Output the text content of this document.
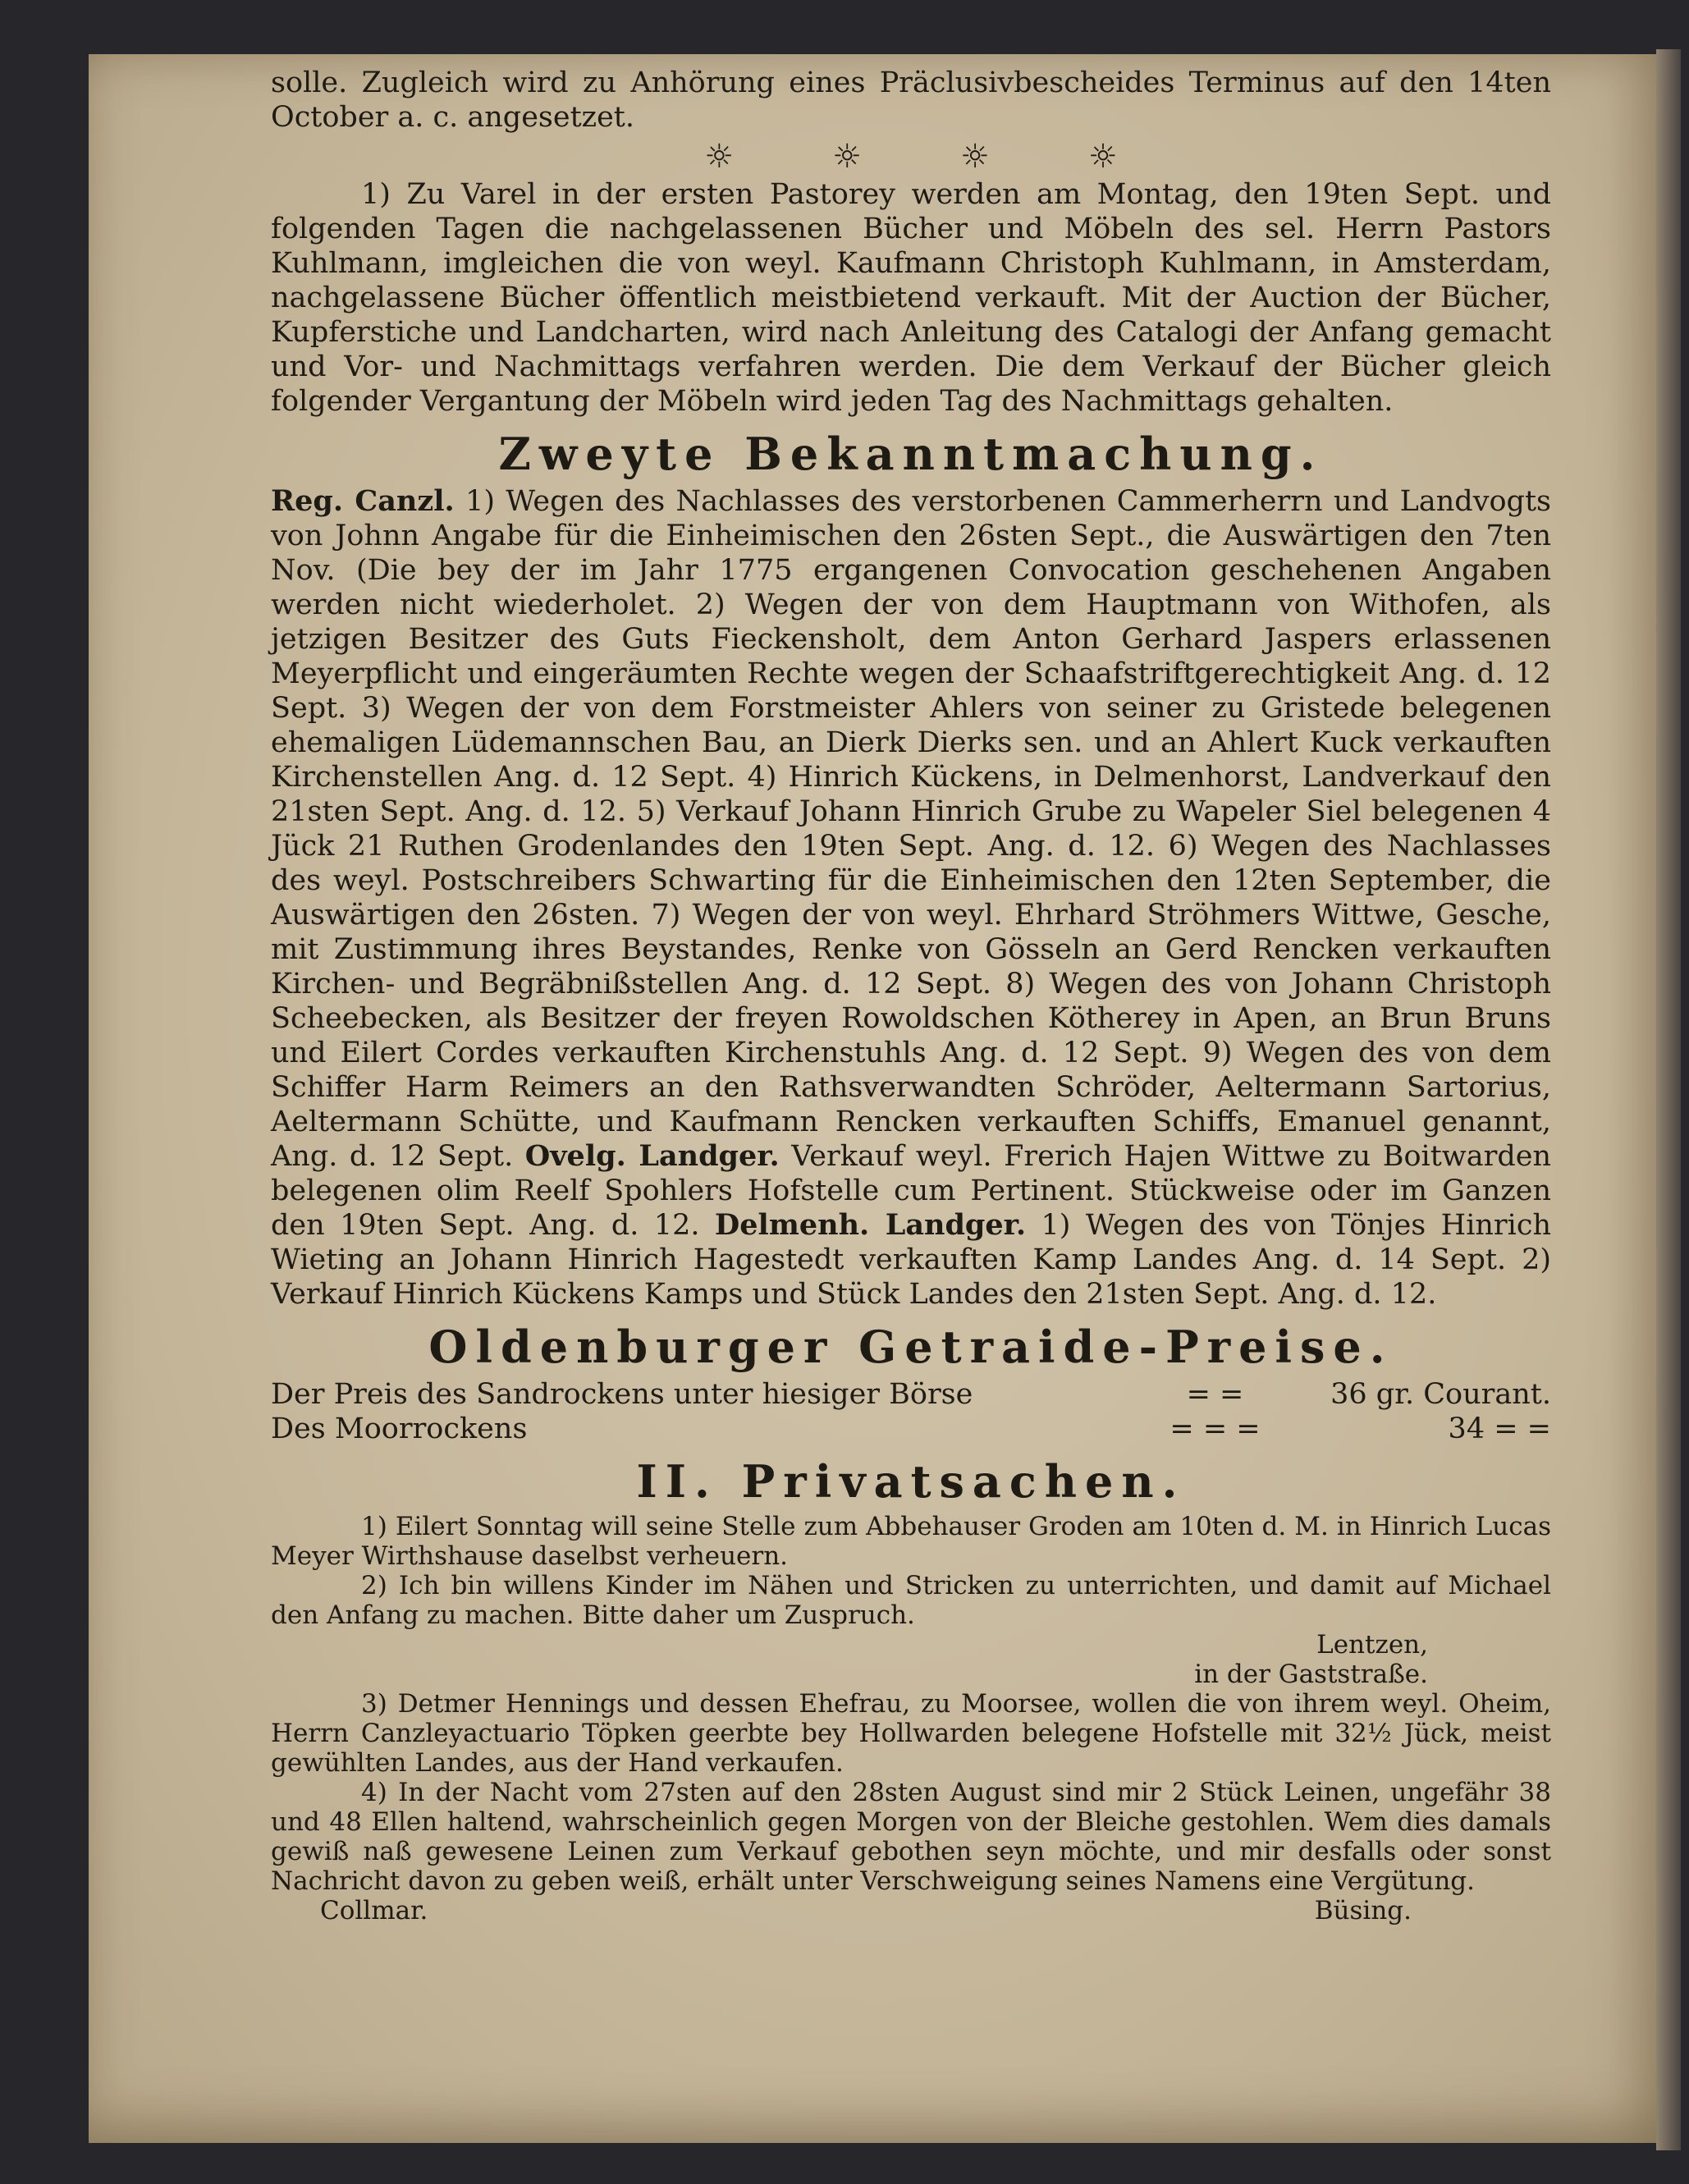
solle. Zugleich wird zu Anhörung eines Präclusivbescheides Terminus auf den 14ten October a. c. angesetzet.

☼	☼	☼	☼

1) Zu Varel in der ersten Pastorey werden am Montag, den 19ten Sept. und folgenden Tagen die nachgelassenen Bücher und Möbeln des sel. Herrn Pastors Kuhlmann, imgleichen die von weyl. Kaufmann Christoph Kuhlmann, in Amsterdam, nachgelassene Bücher öffentlich meistbietend verkauft. Mit der Auction der Bücher, Kupferstiche und Landcharten, wird nach Anleitung des Catalogi der Anfang gemacht und Vor- und Nachmittags verfahren werden. Die dem Verkauf der Bücher gleich folgender Vergantung der Möbeln wird jeden Tag des Nachmittags gehalten.

Zweyte Bekanntmachung.

Reg. Canzl. 1) Wegen des Nachlasses des verstorbenen Cammerherrn und Landvogts von Johnn Angabe für die Einheimischen den 26sten Sept., die Auswärtigen den 7ten Nov. (Die bey der im Jahr 1775 ergangenen Convocation geschehenen Angaben werden nicht wiederholet. 2) Wegen der von dem Hauptmann von Withofen, als jetzigen Besitzer des Guts Fieckensholt, dem Anton Gerhard Jaspers erlassenen Meyerpflicht und eingeräumten Rechte wegen der Schaafstriftgerechtigkeit Ang. d. 12 Sept. 3) Wegen der von dem Forstmeister Ahlers von seiner zu Gristede belegenen ehemaligen Lüdemannschen Bau, an Dierk Dierks sen. und an Ahlert Kuck verkauften Kirchenstellen Ang. d. 12 Sept. 4) Hinrich Kückens, in Delmenhorst, Landverkauf den 21sten Sept. Ang. d. 12. 5) Verkauf Johann Hinrich Grube zu Wapeler Siel belegenen 4 Jück 21 Ruthen Grodenlandes den 19ten Sept. Ang. d. 12. 6) Wegen des Nachlasses des weyl. Postschreibers Schwarting für die Einheimischen den 12ten September, die Auswärtigen den 26sten. 7) Wegen der von weyl. Ehrhard Ströhmers Wittwe, Gesche, mit Zustimmung ihres Beystandes, Renke von Gösseln an Gerd Rencken verkauften Kirchen- und Begräbnißstellen Ang. d. 12 Sept. 8) Wegen des von Johann Christoph Scheebecken, als Besitzer der freyen Rowoldschen Kötherey in Apen, an Brun Bruns und Eilert Cordes verkauften Kirchenstuhls Ang. d. 12 Sept. 9) Wegen des von dem Schiffer Harm Reimers an den Rathsverwandten Schröder, Aeltermann Sartorius, Aeltermann Schütte, und Kaufmann Rencken verkauften Schiffs, Emanuel genannt, Ang. d. 12 Sept. Ovelg. Landger. Verkauf weyl. Frerich Hajen Wittwe zu Boitwarden belegenen olim Reelf Spohlers Hofstelle cum Pertinent. Stückweise oder im Ganzen den 19ten Sept. Ang. d. 12. Delmenh. Landger. 1) Wegen des von Tönjes Hinrich Wieting an Johann Hinrich Hagestedt verkauften Kamp Landes Ang. d. 14 Sept. 2) Verkauf Hinrich Kückens Kamps und Stück Landes den 21sten Sept. Ang. d. 12.

Oldenburger Getraide-Preise.
Der Preis des Sandrockens unter hiesiger Börse	= =	36 gr. Courant.
Des Moorrockens	= = =	34 = =
II. Privatsachen.

1) Eilert Sonntag will seine Stelle zum Abbehauser Groden am 10ten d. M. in Hinrich Lucas Meyer Wirthshause daselbst verheuern.

2) Ich bin willens Kinder im Nähen und Stricken zu unterrichten, und damit auf Michael den Anfang zu machen. Bitte daher um Zuspruch.

Lentzen,
in der Gaststraße.

3) Detmer Hennings und dessen Ehefrau, zu Moorsee, wollen die von ihrem weyl. Oheim, Herrn Canzleyactuario Töpken geerbte bey Hollwarden belegene Hofstelle mit 32½ Jück, meist gewühlten Landes, aus der Hand verkaufen.

4) In der Nacht vom 27sten auf den 28sten August sind mir 2 Stück Leinen, ungefähr 38 und 48 Ellen haltend, wahrscheinlich gegen Morgen von der Bleiche gestohlen. Wem dies damals gewiß naß gewesene Leinen zum Verkauf gebothen seyn möchte, und mir desfalls oder sonst Nachricht davon zu geben weiß, erhält unter Verschweigung seines Namens eine Vergütung.

Collmar.	Büsing.
